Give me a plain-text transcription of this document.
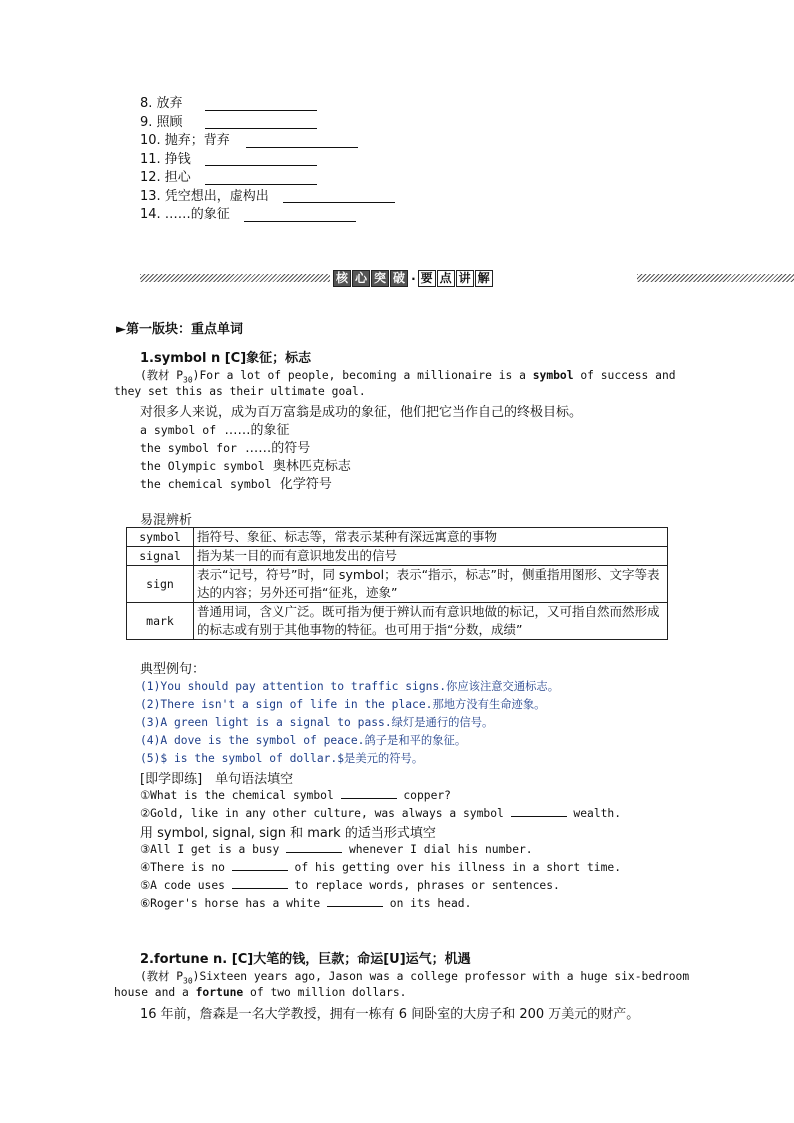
8. 放弃
9. 照顾
10. 抛弃；背弃
11. 挣钱
12. 担心
13. 凭空想出，虚构出
14. ……的象征
核 心 突 破 · 要 点 讲 解
►第一版块：重点单词
1.symbol n [C]象征；标志
(教材 $P_{30})For$ a lot of people, becoming a millionaire is a symbol of success and
they set this as their ultimate goal.
对很多人来说，成为百万富翁是成功的象征，他们把它当作自己的终极目标。
a symbol of ……的象征
the symbol for ……的符号
the Olympic symbol 奥林匹克标志
the chemical symbol 化学符号
易混辨析
symbol	指符号、象征、标志等，常表示某种有深远寓意的事物
signal	指为某一目的而有意识地发出的信号
sign	表示“记号，符号”时，同 symbol；表示“指示，标志”时，侧重指用图形、文字等表达的内容；另外还可指“征兆，迹象”
mark	普通用词，含义广泛。既可指为便于辨认而有意识地做的标记，又可指自然而然形成的标志或有别于其他事物的特征。也可用于指“分数，成绩”
典型例句：
(1)You should pay attention to traffic signs.你应该注意交通标志。
(2)There isn't a sign of life in the place.那地方没有生命迹象。
(3)A green light is a signal to pass.绿灯是通行的信号。
(4)A dove is the symbol of peace.鸽子是和平的象征。
(5)$ is the symbol of dollar.$是美元的符号。
[即学即练]　单句语法填空
①What is the chemical symbol	copper?
②Gold, like in any other culture, was always a symbol	wealth.
用 symbol, signal, sign 和 mark 的适当形式填空
③All I get is a busy	whenever I dial his number.
④There is no	of his getting over his illness in a short time.
⑤A code uses	to replace words, phrases or sentences.
⑥Roger's horse has a white	on its head.
2.fortune n. [C]大笔的钱，巨款；命运[U]运气；机遇
(教材 $P_{30})Sixteen$ years ago, Jason was a college professor with a huge six-bedroom
house and a fortune of two million dollars.
16 年前，詹森是一名大学教授，拥有一栋有 6 间卧室的大房子和 200 万美元的财产。
